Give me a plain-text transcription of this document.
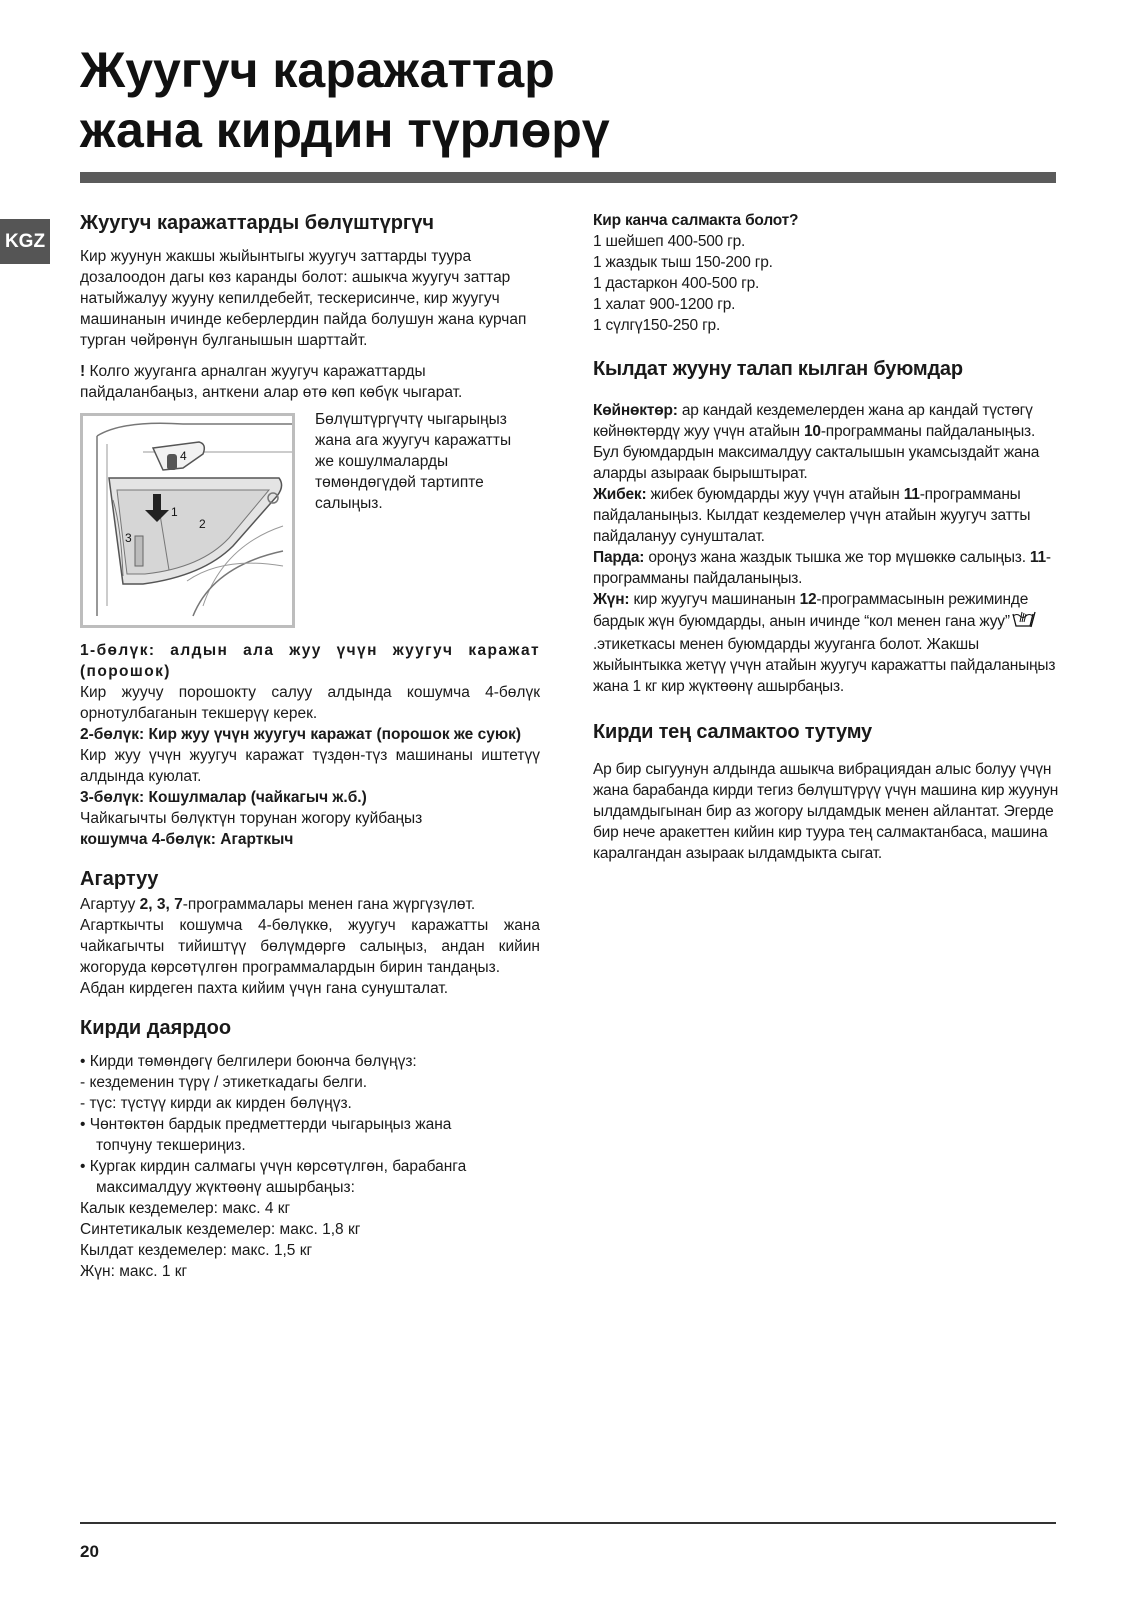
Жуугуч каражаттар
жана кирдин түрлөрү
KGZ
Жуугуч каражаттарды бөлүштүргүч

Кир жуунун жакшы жыйынтыгы жуугуч заттарды туура дозалоодон дагы көз каранды болот: ашыкча жуугуч заттар натыйжалуу жууну кепилдебейт, тескерисинче, кир жуугуч машинанын ичинде кеберлердин пайда болушун жана курчап турган чөйрөнүн булганышын шарттайт.

! Колго жууганга арналган жуугуч каражаттарды пайдаланбаңыз, анткени алар өтө көп көбүк чыгарат.

4
1
2
3

Бөлүштүргүчтү чыгарыңыз жана ага жуугуч каражатты же кошулмаларды төмөндөгүдөй тартипте салыңыз.

1-бөлүк: алдын ала жуу үчүн жуугуч каражат (порошок)

Кир жуучу порошокту салуу алдында кошумча 4-бөлүк орнотулбаганын текшерүү керек.

2-бөлүк: Кир жуу үчүн жуугуч каражат (порошок же суюк)

Кир жуу үчүн жуугуч каражат түздөн-түз машинаны иштетүү алдында куюлат.

3-бөлүк: Кошулмалар (чайкагыч ж.б.)

Чайкагычты бөлүктүн торунан жогору куйбаңыз

кошумча 4-бөлүк: Агарткыч

Агартуу

Агартуу 2, 3, 7-программалары менен гана жүргүзүлөт.

Агарткычты кошумча 4-бөлүккө, жуугуч каражатты жана чайкагычты тийиштүү бөлүмдөргө салыңыз, андан кийин жогоруда көрсөтүлгөн программалардын бирин тандаңыз.

Абдан кирдеген пахта кийим үчүн гана сунушталат.

Кирди даярдоо

• Кирди төмөндөгү белгилери боюнча бөлүңүз:

- кездеменин түрү / этикеткадагы белги.

- түс: түстүү кирди ак кирден бөлүңүз.

• Чөнтөктөн бардык предметтерди чыгарыңыз жана

топчуну текшериңиз.

• Кургак кирдин салмагы үчүн көрсөтүлгөн, барабанга

максималдуу жүктөөнү ашырбаңыз:

Калык кездемелер: макс. 4 кг

Синтетикалык кездемелер: макс. 1,8 кг

Кылдат кездемелер: макс. 1,5 кг

Жүн: макс. 1 кг

Кир канча салмакта болот?

1 шейшеп 400-500 гр.

1 жаздык тыш 150-200 гр.

1 дастаркон 400-500 гр.

1 халат 900-1200 гр.

1 сүлгү150-250 гр.

Кылдат жууну талап кылган буюмдар

Көйнөктөр: ар кандай кездемелерден жана ар кандай түстөгү көйнөктөрдү жуу үчүн атайын 10-программаны пайдаланыңыз. Бул буюмдардын максималдуу сакталышын укамсыздайт жана аларды азыраак бырыштырат.

Жибек: жибек буюмдарды жуу үчүн атайын 11-программаны пайдаланыңыз. Кылдат кездемелер үчүн атайын жуугуч затты пайдалануу сунушталат.

Парда: ороңуз жана жаздык тышка же тор мүшөккө салыңыз. 11-программаны пайдаланыңыз.

Жүн: кир жуугуч машинанын 12-программасынын режиминде бардык жүн буюмдарды, анын ичинде “кол менен гана жуу”.этикеткасы менен буюмдарды жууганга болот. Жакшы жыйынтыкка жетүү үчүн атайын жуугуч каражатты пайдаланыңыз жана 1 кг кир жүктөөнү ашырбаңыз.

Кирди тең салмактоо тутуму

Ар бир сыгуунун алдында ашыкча вибрациядан алыс болуу үчүн жана барабанда кирди тегиз бөлүштүрүү үчүн машина кир жуунун ылдамдыгынан бир аз жогору ылдамдык менен айлантат. Эгерде бир нече аракеттен кийин кир туура тең салмактанбаса, машина каралгандан азыраак ылдамдыкта сыгат.

20
